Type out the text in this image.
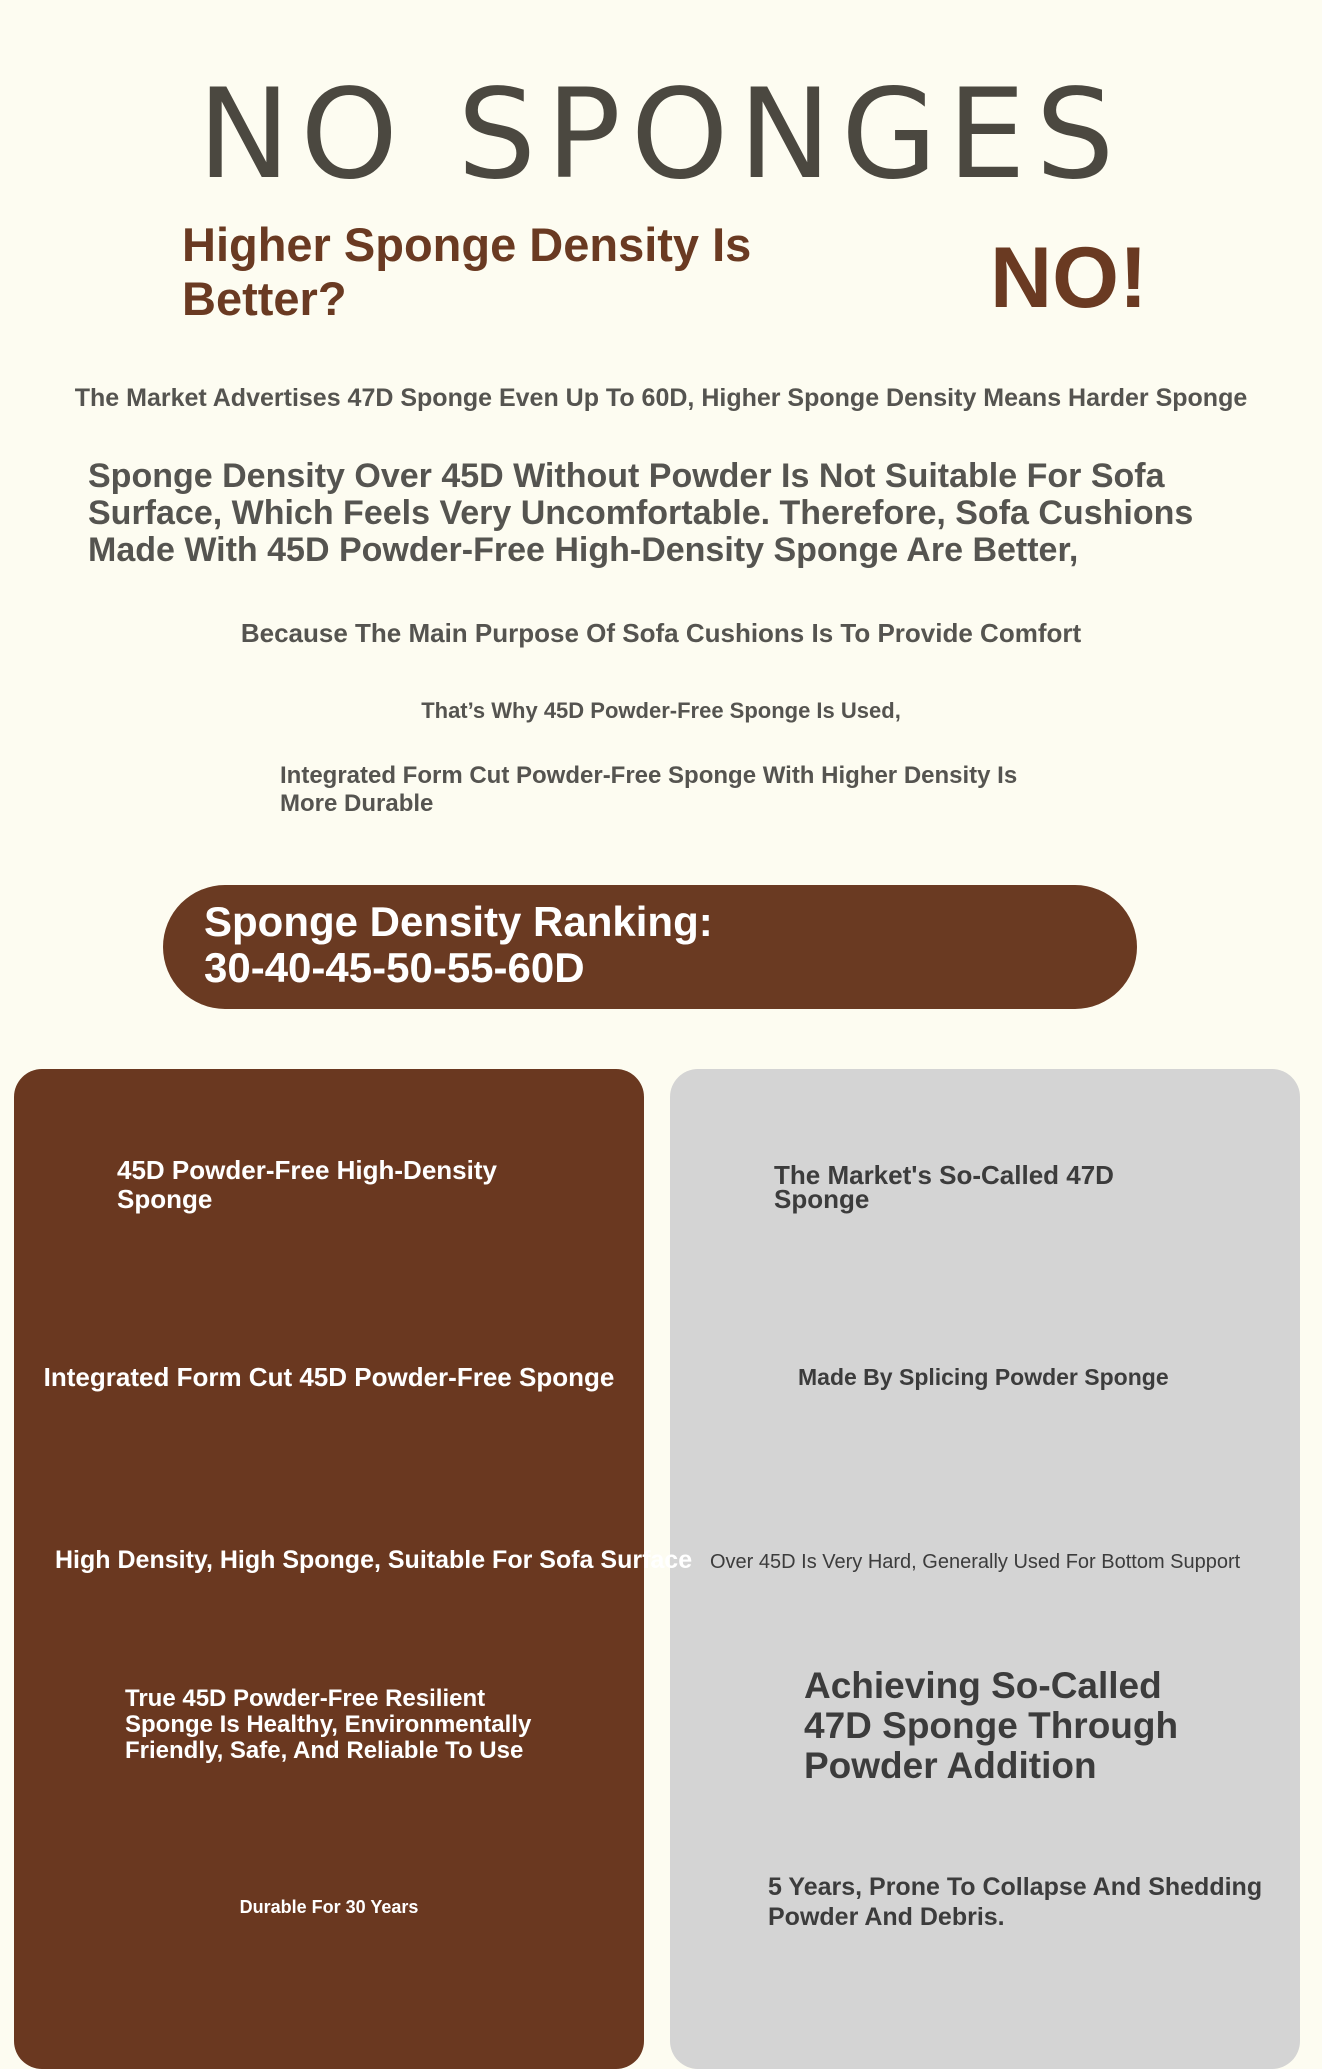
NO SPONGES
Higher Sponge Density Is Better?	NO!
The Market Advertises 47D Sponge Even Up To 60D, Higher Sponge Density Means Harder Sponge
Sponge Density Over 45D Without Powder Is Not Suitable For Sofa Surface, Which Feels Very Uncomfortable. Therefore, Sofa Cushions Made With 45D Powder-Free High-Density Sponge Are Better,
Because The Main Purpose Of Sofa Cushions Is To Provide Comfort
That’s Why 45D Powder-Free Sponge Is Used,
Integrated Form Cut Powder-Free Sponge With Higher Density Is More Durable
Sponge Density Ranking:
30-40-45-50-55-60D
45D Powder-Free High-Density Sponge
Integrated Form Cut 45D Powder-Free Sponge
High Density, High Sponge, Suitable For Sofa Surface
True 45D Powder-Free Resilient Sponge Is Healthy, Environmentally Friendly, Safe, And Reliable To Use
Durable For 30 Years
The Market's So-Called 47D Sponge
Made By Splicing Powder Sponge
Over 45D Is Very Hard, Generally Used For Bottom Support
Achieving So-Called 47D Sponge Through Powder Addition
5 Years, Prone To Collapse And Shedding Powder And Debris.
